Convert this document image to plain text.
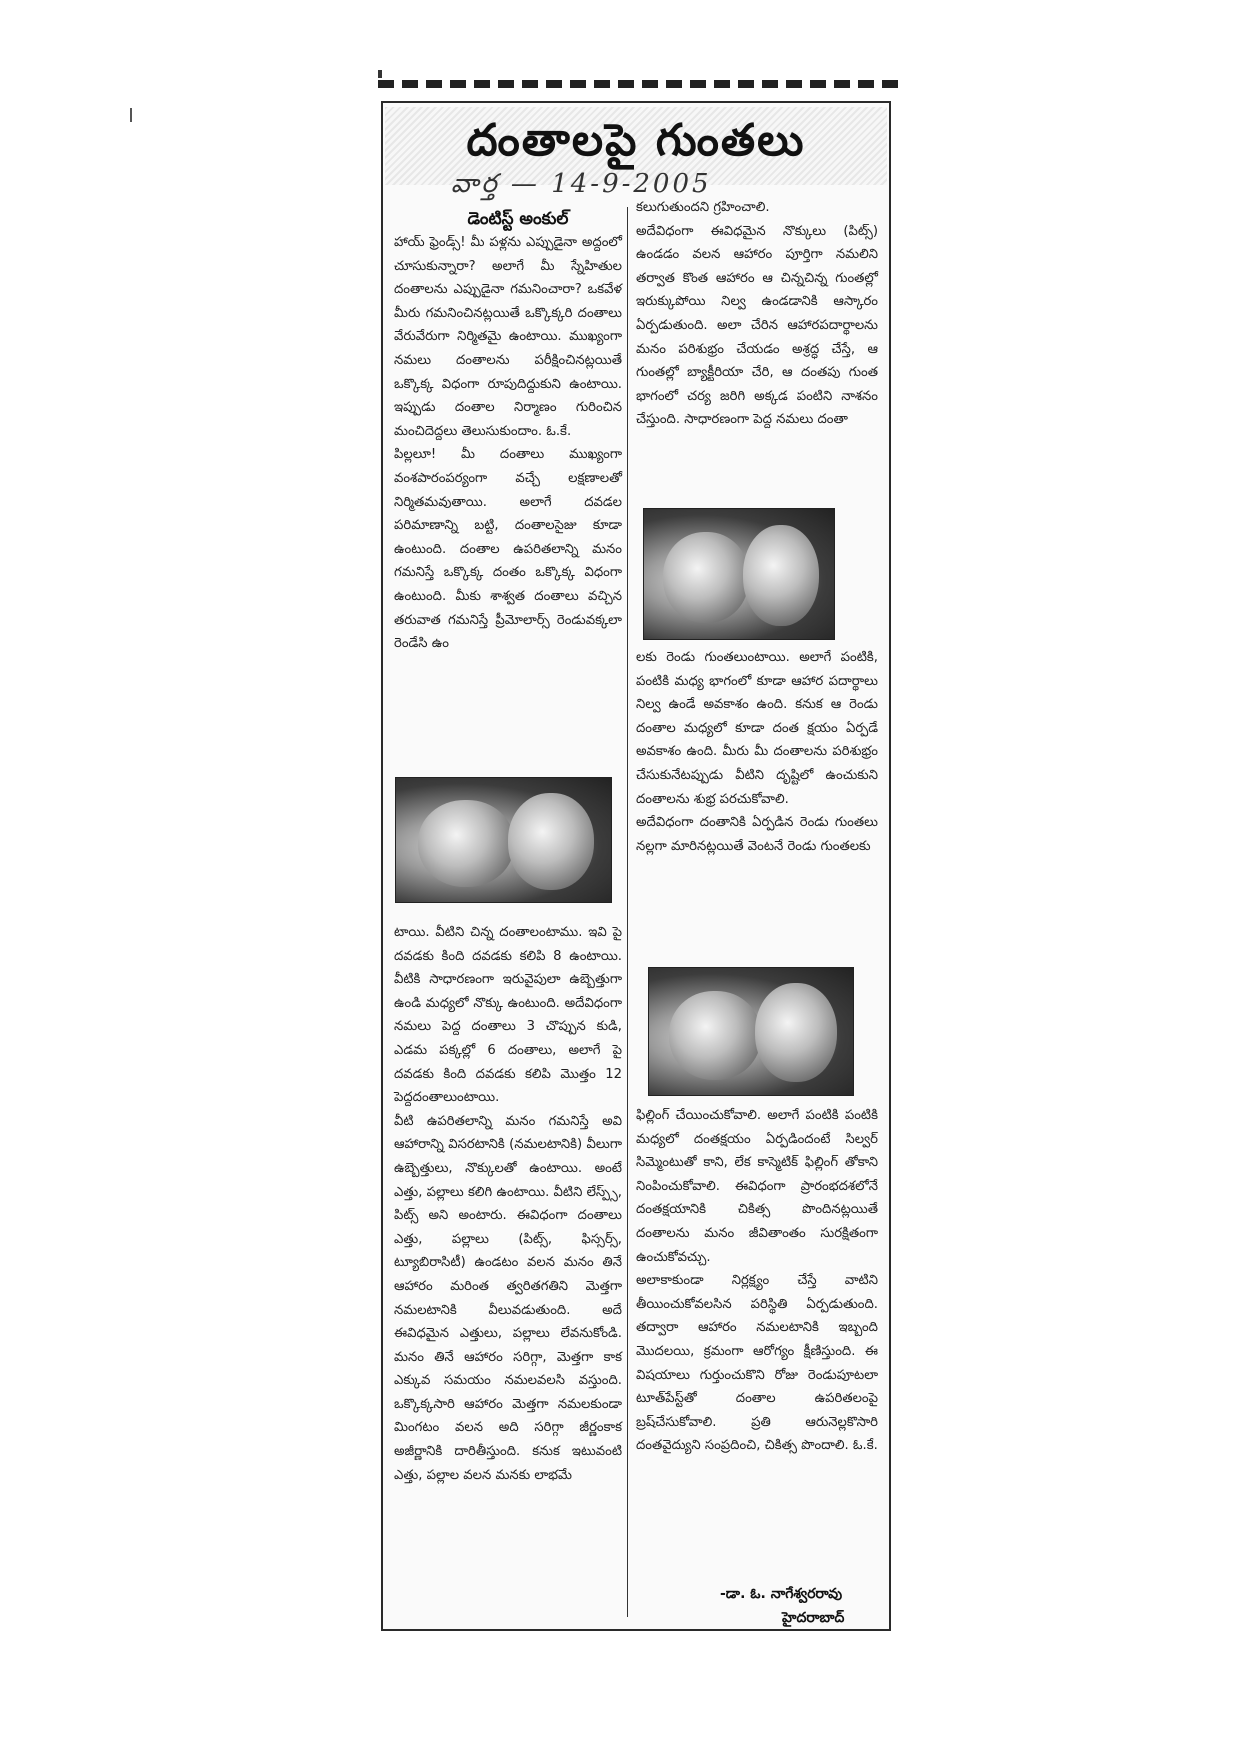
దంతాలపై గుంతలు
వార్త — 14-9-2005
డెంటిస్ట్ అంకుల్
హాయ్ ఫ్రెండ్స్! మీ పళ్లను ఎప్పుడైనా అద్దంలో చూసుకున్నారా? అలాగే మీ స్నేహితుల దంతాలను ఎప్పుడైనా గమనించారా? ఒకవేళ మీరు గమనించినట్లయితే ఒక్కొక్కరి దంతాలు వేరువేరుగా నిర్మితమై ఉంటాయి. ముఖ్యంగా నమలు దంతాలను పరీక్షించినట్లయితే ఒక్కొక్క విధంగా రూపుదిద్దుకుని ఉంటాయి. ఇప్పుడు దంతాల నిర్మాణం గురించిన మంచిదెద్దలు తెలుసుకుందాం. ఓ.కే.
పిల్లలూ! మీ దంతాలు ముఖ్యంగా వంశపారంపర్యంగా వచ్చే లక్షణాలతో నిర్మితమవుతాయి. అలాగే దవడల పరిమాణాన్ని బట్టి, దంతాలసైజు కూడా ఉంటుంది. దంతాల ఉపరితలాన్ని మనం గమనిస్తే ఒక్కొక్క దంతం ఒక్కొక్క విధంగా ఉంటుంది. మీకు శాశ్వత దంతాలు వచ్చిన తరువాత గమనిస్తే ప్రీమోలార్స్ రెండువక్కలా రెండేసి ఉం
టాయి. వీటిని చిన్న దంతాలంటాము. ఇవి పై దవడకు కింది దవడకు కలిపి 8 ఉంటాయి. వీటికి సాధారణంగా ఇరువైపులా ఉబ్బెత్తుగా ఉండి మధ్యలో నొక్కు ఉంటుంది. అదేవిధంగా నమలు పెద్ద దంతాలు 3 చొప్పున కుడి, ఎడమ పక్కల్లో 6 దంతాలు, అలాగే పై దవడకు కింది దవడకు కలిపి మొత్తం 12 పెద్దదంతాలుంటాయి.
వీటి ఉపరితలాన్ని మనం గమనిస్తే అవి ఆహారాన్ని విసరటానికి (నమలటానికి) వీలుగా ఉబ్బెత్తులు, నొక్కులతో ఉంటాయి. అంటే ఎత్తు, పల్లాలు కలిగి ఉంటాయి. వీటిని లేస్ప్స్, పిట్స్ అని అంటారు. ఈవిధంగా దంతాలు ఎత్తు, పల్లాలు (పిట్స్, ఫిస్సర్స్, ట్యూబిరాసిటీ) ఉండటం వలన మనం తినే ఆహారం మరింత త్వరితగతిని మెత్తగా నమలటానికి వీలువడుతుంది. అదే ఈవిధమైన ఎత్తులు, పల్లాలు లేవనుకోండి. మనం తినే ఆహారం సరిగ్గా, మెత్తగా కాక ఎక్కువ సమయం నమలవలసి వస్తుంది. ఒక్కొక్కసారి ఆహారం మెత్తగా నమలకుండా మింగటం వలన అది సరిగ్గా జీర్ణంకాక అజీర్ణానికి దారితీస్తుంది. కనుక ఇటువంటి ఎత్తు, పల్లాల వలన మనకు లాభమే
కలుగుతుందని గ్రహించాలి.
అదేవిధంగా ఈవిధమైన నొక్కులు (పిట్స్) ఉండడం వలన ఆహారం పూర్తిగా నమలిని తర్వాత కొంత ఆహారం ఆ చిన్నచిన్న గుంతల్లో ఇరుక్కుపోయి నిల్వ ఉండడానికి ఆస్కారం ఏర్పడుతుంది. అలా చేరిన ఆహారపదార్థాలను మనం పరిశుభ్రం చేయడం అశ్రద్ధ చేస్తే, ఆ గుంతల్లో బ్యాక్టీరియా చేరి, ఆ దంతపు గుంత భాగంలో చర్య జరిగి అక్కడ పంటిని నాశనం చేస్తుంది. సాధారణంగా పెద్ద నమలు దంతా
లకు రెండు గుంతలుంటాయి. అలాగే పంటికి, పంటికి మధ్య భాగంలో కూడా ఆహార పదార్థాలు నిల్వ ఉండే అవకాశం ఉంది. కనుక ఆ రెండు దంతాల మధ్యలో కూడా దంత క్షయం ఏర్పడే అవకాశం ఉంది. మీరు మీ దంతాలను పరిశుభ్రం చేసుకునేటప్పుడు వీటిని దృష్టిలో ఉంచుకుని దంతాలను శుభ్ర పరచుకోవాలి.
అదేవిధంగా దంతానికి ఏర్పడిన రెండు గుంతలు నల్లగా మారినట్లయితే వెంటనే రెండు గుంతలకు
ఫిల్లింగ్ చేయించుకోవాలి. అలాగే పంటికి పంటికి మధ్యలో దంతక్షయం ఏర్పడిందంటే సిల్వర్ సిమ్మెంటుతో కాని, లేక కాస్మెటిక్ ఫిల్లింగ్ తోకాని నింపించుకోవాలి. ఈవిధంగా ప్రారంభదశలోనే దంతక్షయానికి చికిత్స పొందినట్లయితే దంతాలను మనం జీవితాంతం సురక్షితంగా ఉంచుకోవచ్చు.
అలాకాకుండా నిర్లక్ష్యం చేస్తే వాటిని తీయించుకోవలసిన పరిస్థితి ఏర్పడుతుంది. తద్వారా ఆహారం నమలటానికి ఇబ్బంది మొదలయి, క్రమంగా ఆరోగ్యం క్షీణిస్తుంది. ఈ విషయాలు గుర్తుంచుకొని రోజు రెండుపూటలా టూత్‌పేస్ట్‌తో దంతాల ఉపరితలంపై బ్రష్‌చేసుకోవాలి. ప్రతి ఆరునెల్లకొసారి దంతవైద్యుని సంప్రదించి, చికిత్స పొందాలి. ఓ.కే.
-డా. ఓ. నాగేశ్వరరావు
హైదరాబాద్
